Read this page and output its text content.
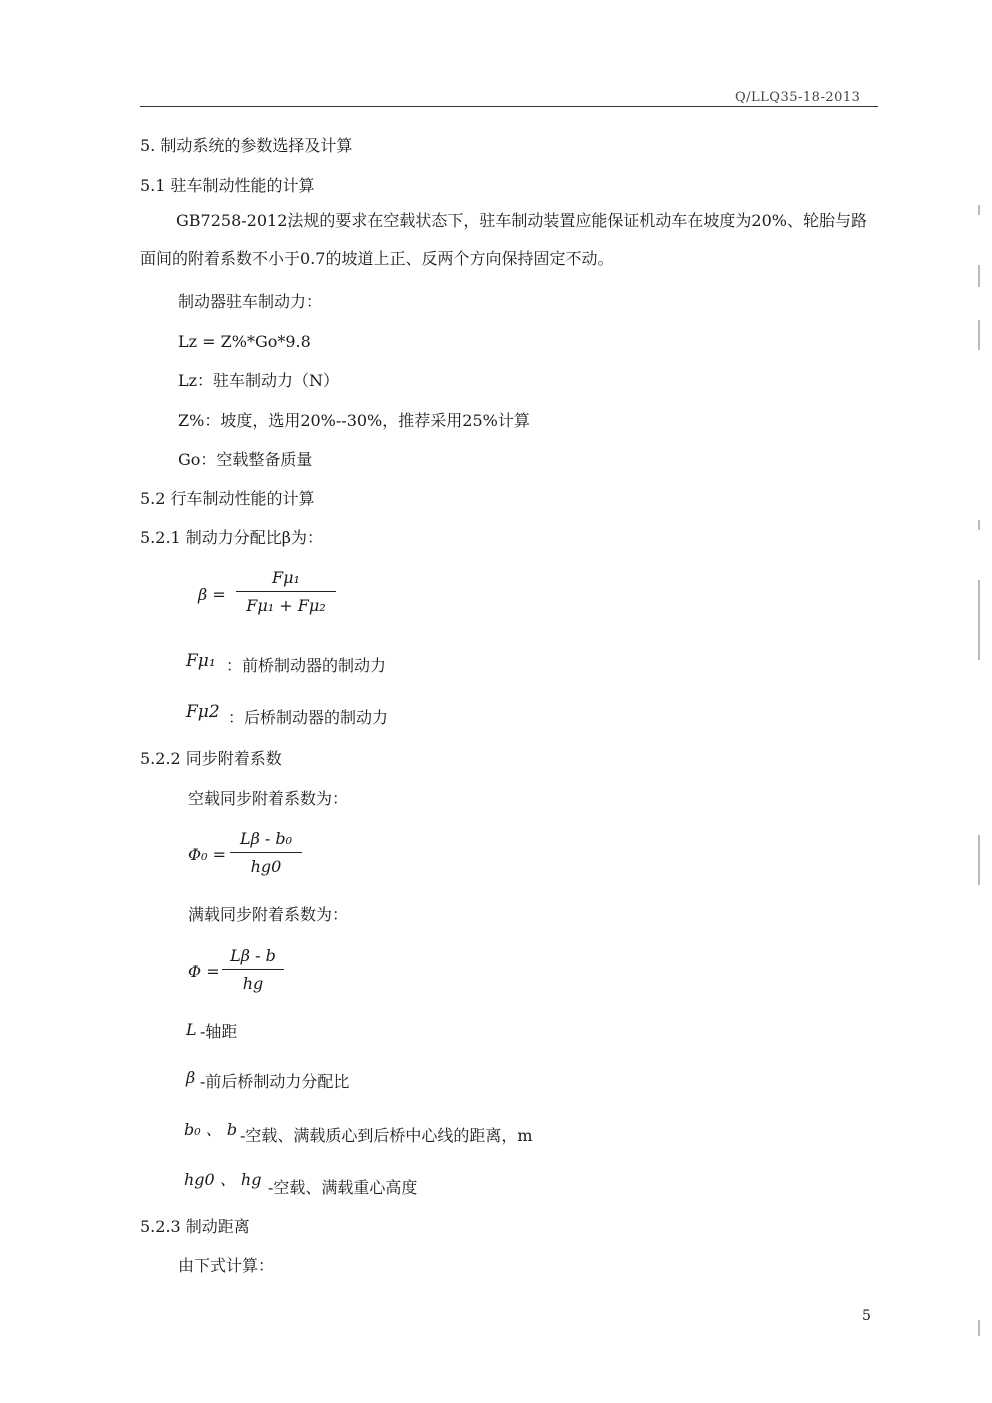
Q/LLQ35-18-2013
5. 制动系统的参数选择及计算
5.1 驻车制动性能的计算
GB7258-2012法规的要求在空载状态下，驻车制动装置应能保证机动车在坡度为20%、轮胎与路面间的附着系数不小于0.7的坡道上正、反两个方向保持固定不动。
制动器驻车制动力：
Lz = Z%*Go*9.8
Lz：驻车制动力（N）
Z%：坡度，选用20%--30%，推荐采用25%计算
Go：空载整备质量
5.2 行车制动性能的计算
5.2.1 制动力分配比β为：
β =
Fμ₁
Fμ₁ + Fμ₂
Fμ₁ ：前桥制动器的制动力
Fμ2 ：后桥制动器的制动力
5.2.2 同步附着系数
空载同步附着系数为：
Φ₀ =
Lβ - b₀
hg0
满载同步附着系数为：
Φ =
Lβ - b
hg
L -轴距
β -前后桥制动力分配比
b₀ 、 b -空载、满载质心到后桥中心线的距离，m
hg0 、 hg -空载、满载重心高度
5.2.3 制动距离
由下式计算：
5
